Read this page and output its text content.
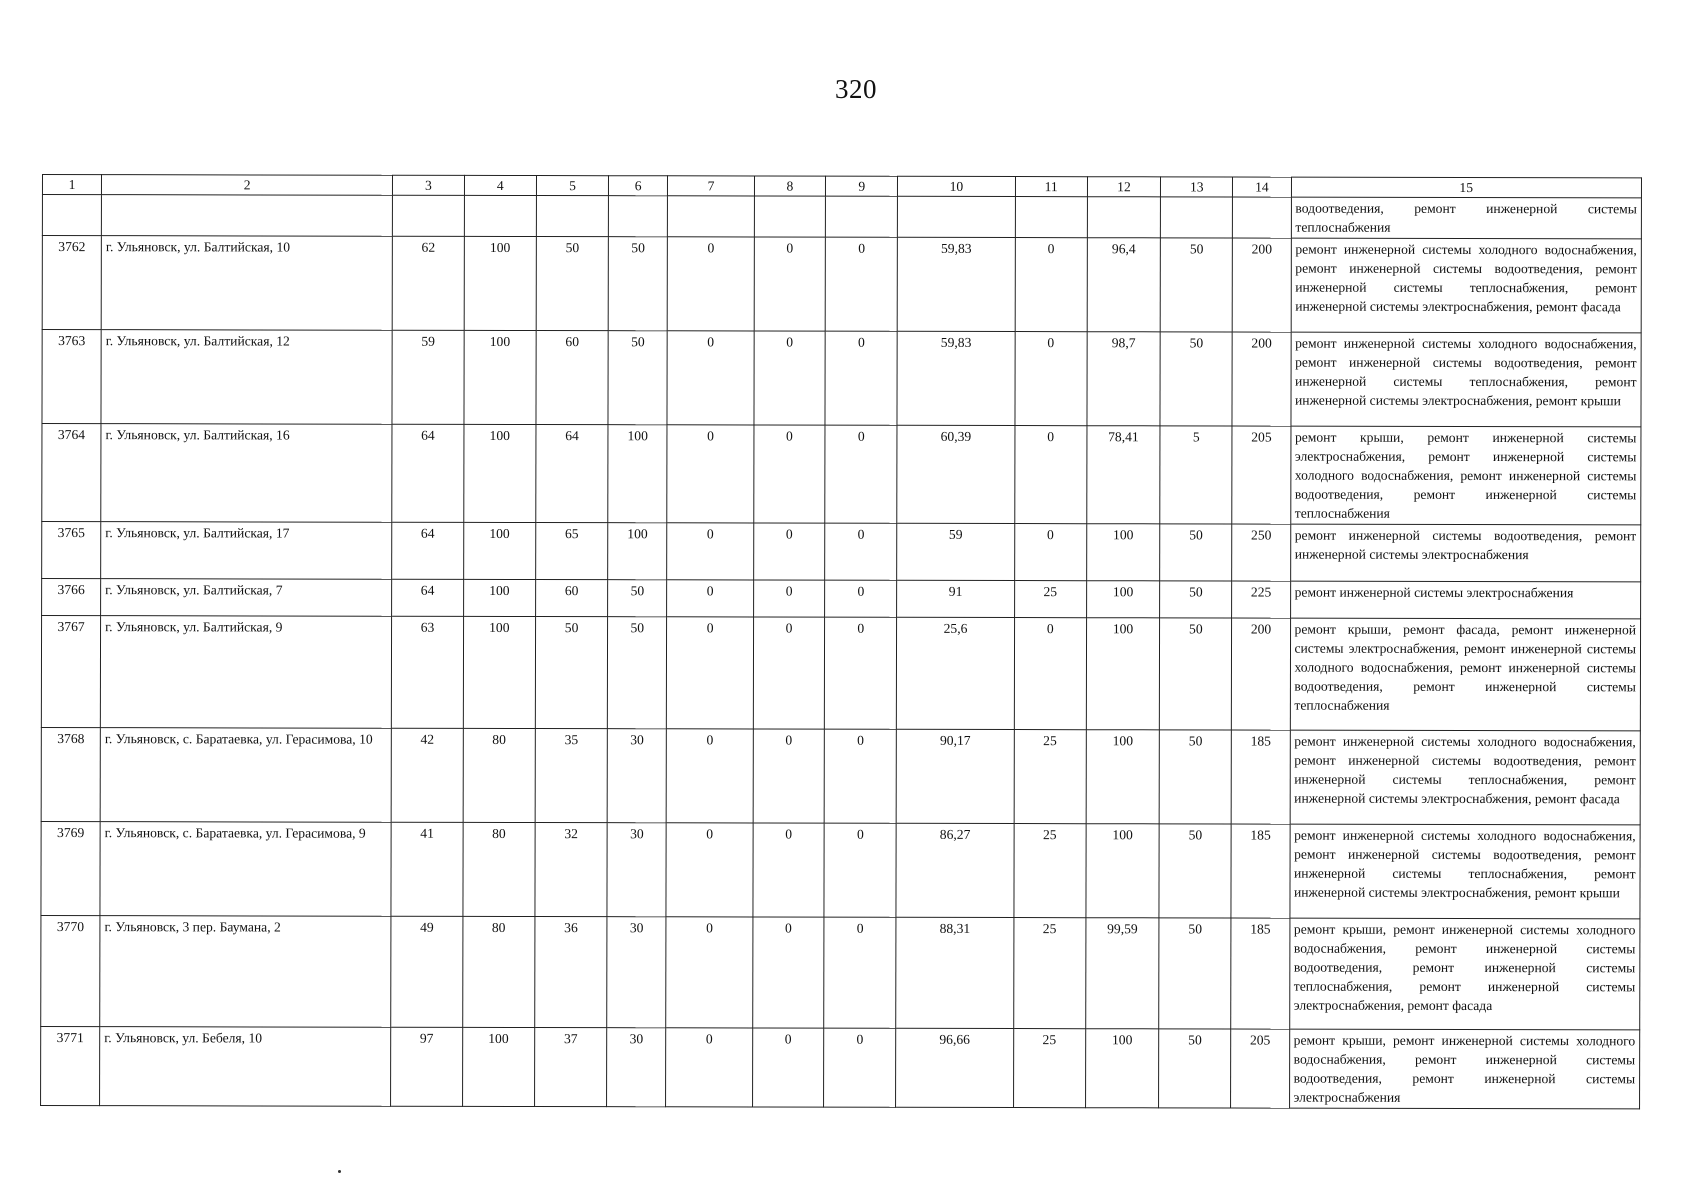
320
1	2	3	4	5	6	7	8	9	10	11	12	13	14	15
														водоотведения, ремонт инженерной системы теплоснабжения
3762	г. Ульяновск, ул. Балтийская, 10	62	100	50	50	0	0	0	59,83	0	96,4	50	200	ремонт инженерной системы холодного водоснабжения, ремонт инженерной системы водоотведения, ремонт инженерной системы теплоснабжения, ремонт инженерной системы электроснабжения, ремонт фасада
3763	г. Ульяновск, ул. Балтийская, 12	59	100	60	50	0	0	0	59,83	0	98,7	50	200	ремонт инженерной системы холодного водоснабжения, ремонт инженерной системы водоотведения, ремонт инженерной системы теплоснабжения, ремонт инженерной системы электроснабжения, ремонт крыши
3764	г. Ульяновск, ул. Балтийская, 16	64	100	64	100	0	0	0	60,39	0	78,41	5	205	ремонт крыши, ремонт инженерной системы электроснабжения, ремонт инженерной системы холодного водоснабжения, ремонт инженерной системы водоотведения, ремонт инженерной системы теплоснабжения
3765	г. Ульяновск, ул. Балтийская, 17	64	100	65	100	0	0	0	59	0	100	50	250	ремонт инженерной системы водоотведения, ремонт инженерной системы электроснабжения
3766	г. Ульяновск, ул. Балтийская, 7	64	100	60	50	0	0	0	91	25	100	50	225	ремонт инженерной системы электроснабжения
3767	г. Ульяновск, ул. Балтийская, 9	63	100	50	50	0	0	0	25,6	0	100	50	200	ремонт крыши, ремонт фасада, ремонт инженерной системы электроснабжения, ремонт инженерной системы холодного водоснабжения, ремонт инженерной системы водоотведения, ремонт инженерной системы теплоснабжения
3768	г. Ульяновск, с. Баратаевка, ул. Герасимова, 10	42	80	35	30	0	0	0	90,17	25	100	50	185	ремонт инженерной системы холодного водоснабжения, ремонт инженерной системы водоотведения, ремонт инженерной системы теплоснабжения, ремонт инженерной системы электроснабжения, ремонт фасада
3769	г. Ульяновск, с. Баратаевка, ул. Герасимова, 9	41	80	32	30	0	0	0	86,27	25	100	50	185	ремонт инженерной системы холодного водоснабжения, ремонт инженерной системы водоотведения, ремонт инженерной системы теплоснабжения, ремонт инженерной системы электроснабжения, ремонт крыши
3770	г. Ульяновск, 3 пер. Баумана, 2	49	80	36	30	0	0	0	88,31	25	99,59	50	185	ремонт крыши, ремонт инженерной системы холодного водоснабжения, ремонт инженерной системы водоотведения, ремонт инженерной системы теплоснабжения, ремонт инженерной системы электроснабжения, ремонт фасада
3771	г. Ульяновск, ул. Бебеля, 10	97	100	37	30	0	0	0	96,66	25	100	50	205	ремонт крыши, ремонт инженерной системы холодного водоснабжения, ремонт инженерной системы водоотведения, ремонт инженерной системы электроснабжения
